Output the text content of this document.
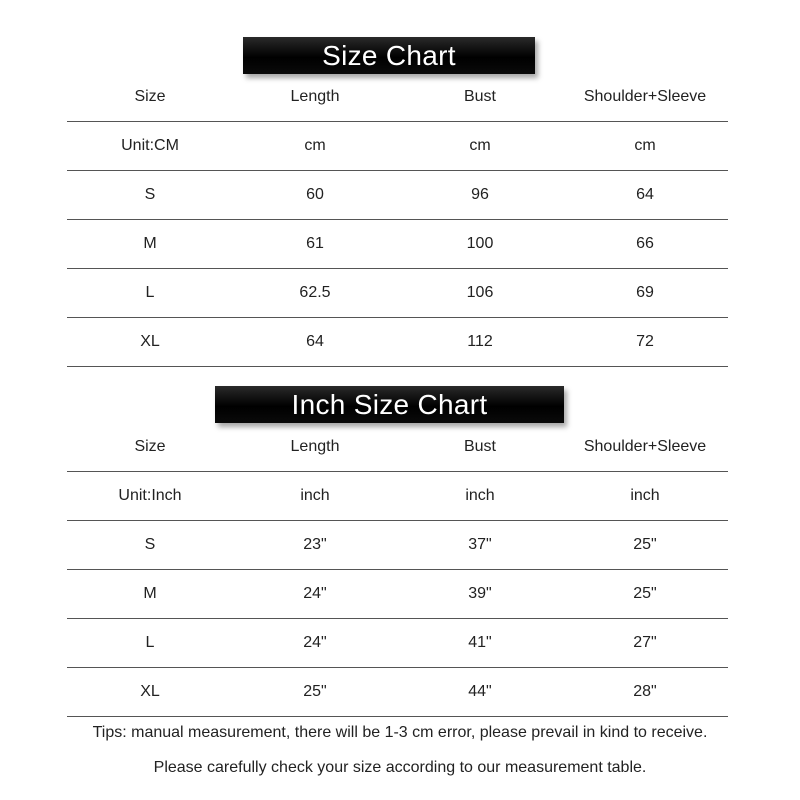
Size Chart
Size	Length	Bust	Shoulder+Sleeve
Unit:CM	cm	cm	cm
S	60	96	64
M	61	100	66
L	62.5	106	69
XL	64	112	72
Inch Size Chart
Size	Length	Bust	Shoulder+Sleeve
Unit:Inch	inch	inch	inch
S	23"	37"	25"
M	24"	39"	25"
L	24"	41"	27"
XL	25"	44"	28"
Tips: manual measurement, there will be 1-3 cm error, please prevail in kind to receive.
Please carefully check your size according to our measurement table.
